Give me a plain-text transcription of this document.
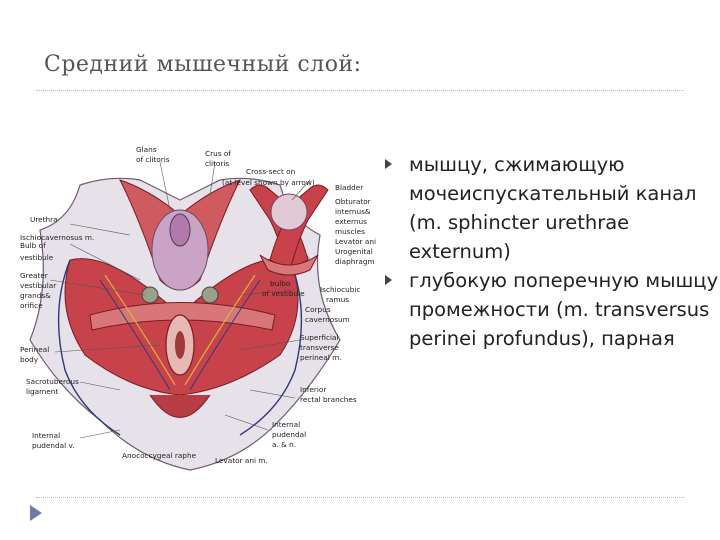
Средний мышечный слой:
Glans
of clitoris
Crus of
clitoris
Cross-sect on
(at level shown by arrow)
Urethra
Ischiocavernosus m.
Bulb of
vestibule
Greater
vestibular
grands&
orifice
Perineal
body
Sacrotuberous
ligament
Internal
pudendal v.
Anococcygeal raphe
Levator ani m.
Bladder
Obturator
internus&
externus
muscles
Levator ani
Urogenital
diaphragm
bulbo
of vestibule Ischiocubic
ramus
Corpus
cavernosum
Superficial
transverse
perineal m.
Inferior
rectal branches
Internal
pudendal
a. & n.
мышцу, сжимающую мочеиспускательный канал (m. sphincter urethrae externum)
глубокую поперечную мышцу промежности (m. transversus perinei profundus), парная
